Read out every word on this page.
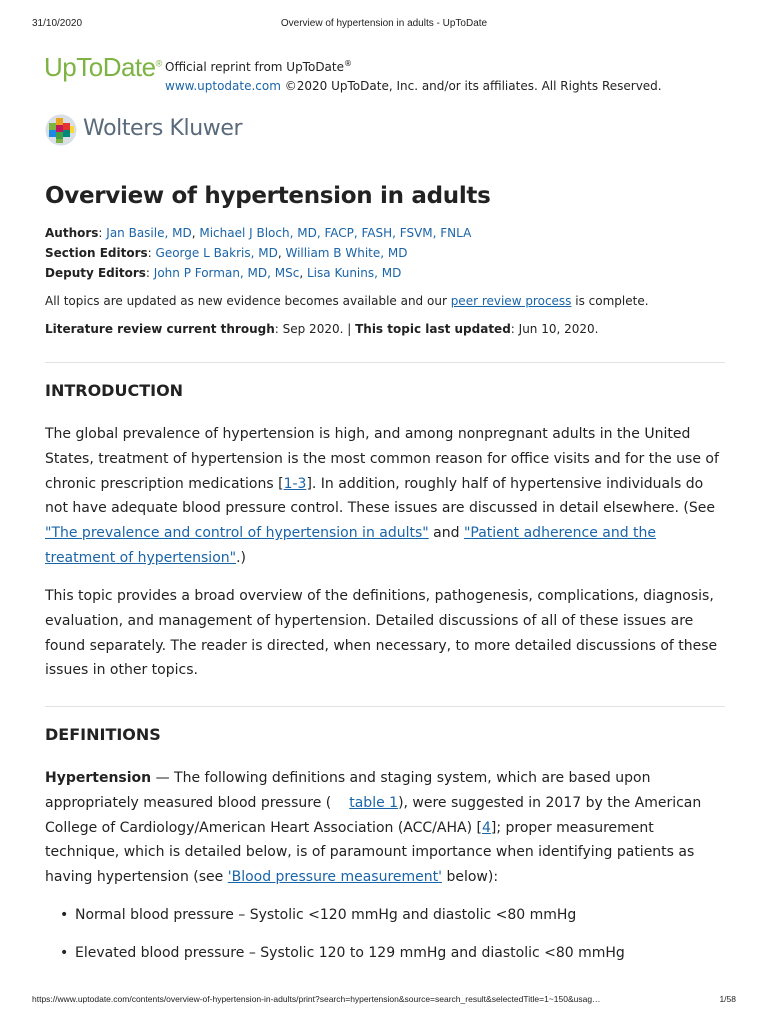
31/10/2020	Overview of hypertension in adults - UpToDate
UpToDate® Official reprint from UpToDate®
www.uptodate.com ©2020 UpToDate, Inc. and/or its affiliates. All Rights Reserved.
Wolters Kluwer
Overview of hypertension in adults
Authors: Jan Basile, MD, Michael J Bloch, MD, FACP, FASH, FSVM, FNLA
Section Editors: George L Bakris, MD, William B White, MD
Deputy Editors: John P Forman, MD, MSc, Lisa Kunins, MD
All topics are updated as new evidence becomes available and our peer review process is complete.
Literature review current through: Sep 2020. | This topic last updated: Jun 10, 2020.
INTRODUCTION

The global prevalence of hypertension is high, and among nonpregnant adults in the United States, treatment of hypertension is the most common reason for office visits and for the use of chronic prescription medications [1-3]. In addition, roughly half of hypertensive individuals do not have adequate blood pressure control. These issues are discussed in detail elsewhere. (See "The prevalence and control of hypertension in adults" and "Patient adherence and the treatment of hypertension".)

This topic provides a broad overview of the definitions, pathogenesis, complications, diagnosis, evaluation, and management of hypertension. Detailed discussions of all of these issues are found separately. The reader is directed, when necessary, to more detailed discussions of these issues in other topics.

DEFINITIONS

Hypertension — The following definitions and staging system, which are based upon appropriately measured blood pressure ( table 1), were suggested in 2017 by the American College of Cardiology/American Heart Association (ACC/AHA) [4]; proper measurement technique, which is detailed below, is of paramount importance when identifying patients as having hypertension (see 'Blood pressure measurement' below):

• Normal blood pressure – Systolic <120 mmHg and diastolic <80 mmHg
• Elevated blood pressure – Systolic 120 to 129 mmHg and diastolic <80 mmHg
https://www.uptodate.com/contents/overview-of-hypertension-in-adults/print?search=hypertension&source=search_result&selectedTitle=1~150&usag…	1/58
